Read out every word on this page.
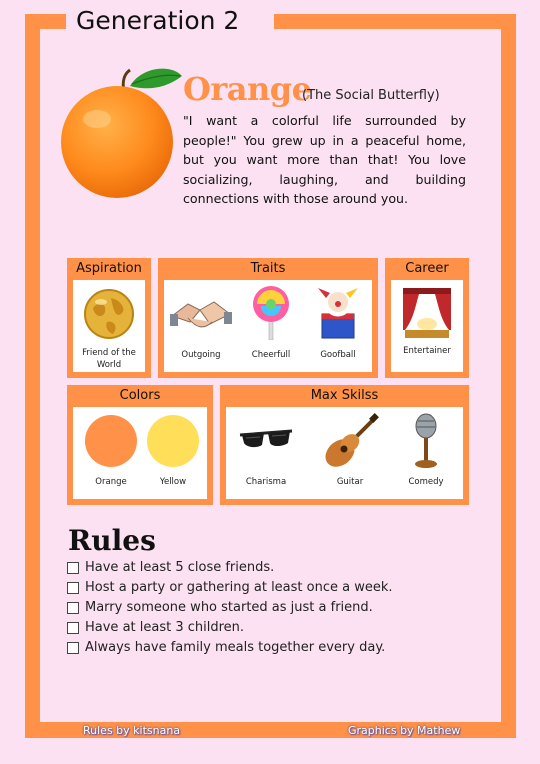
Generation 2
Orange
(The Social Butterfly)
"I want a colorful life surrounded by people!" You grew up in a peaceful home, but you want more than that! You love socializing, laughing, and building connections with those around you.
Aspiration
Friend of the World
Traits
Outgoing	Cheerfull	Goofball
Career
Entertainer
Colors
Orange	Yellow
Max Skilss
Charisma	Guitar	Comedy
Rules
Have at least 5 close friends.
Host a party or gathering at least once a week.
Marry someone who started as just a friend.
Have at least 3 children.
Always have family meals together every day.
Rules by kitsnana	Graphics by Mathew
